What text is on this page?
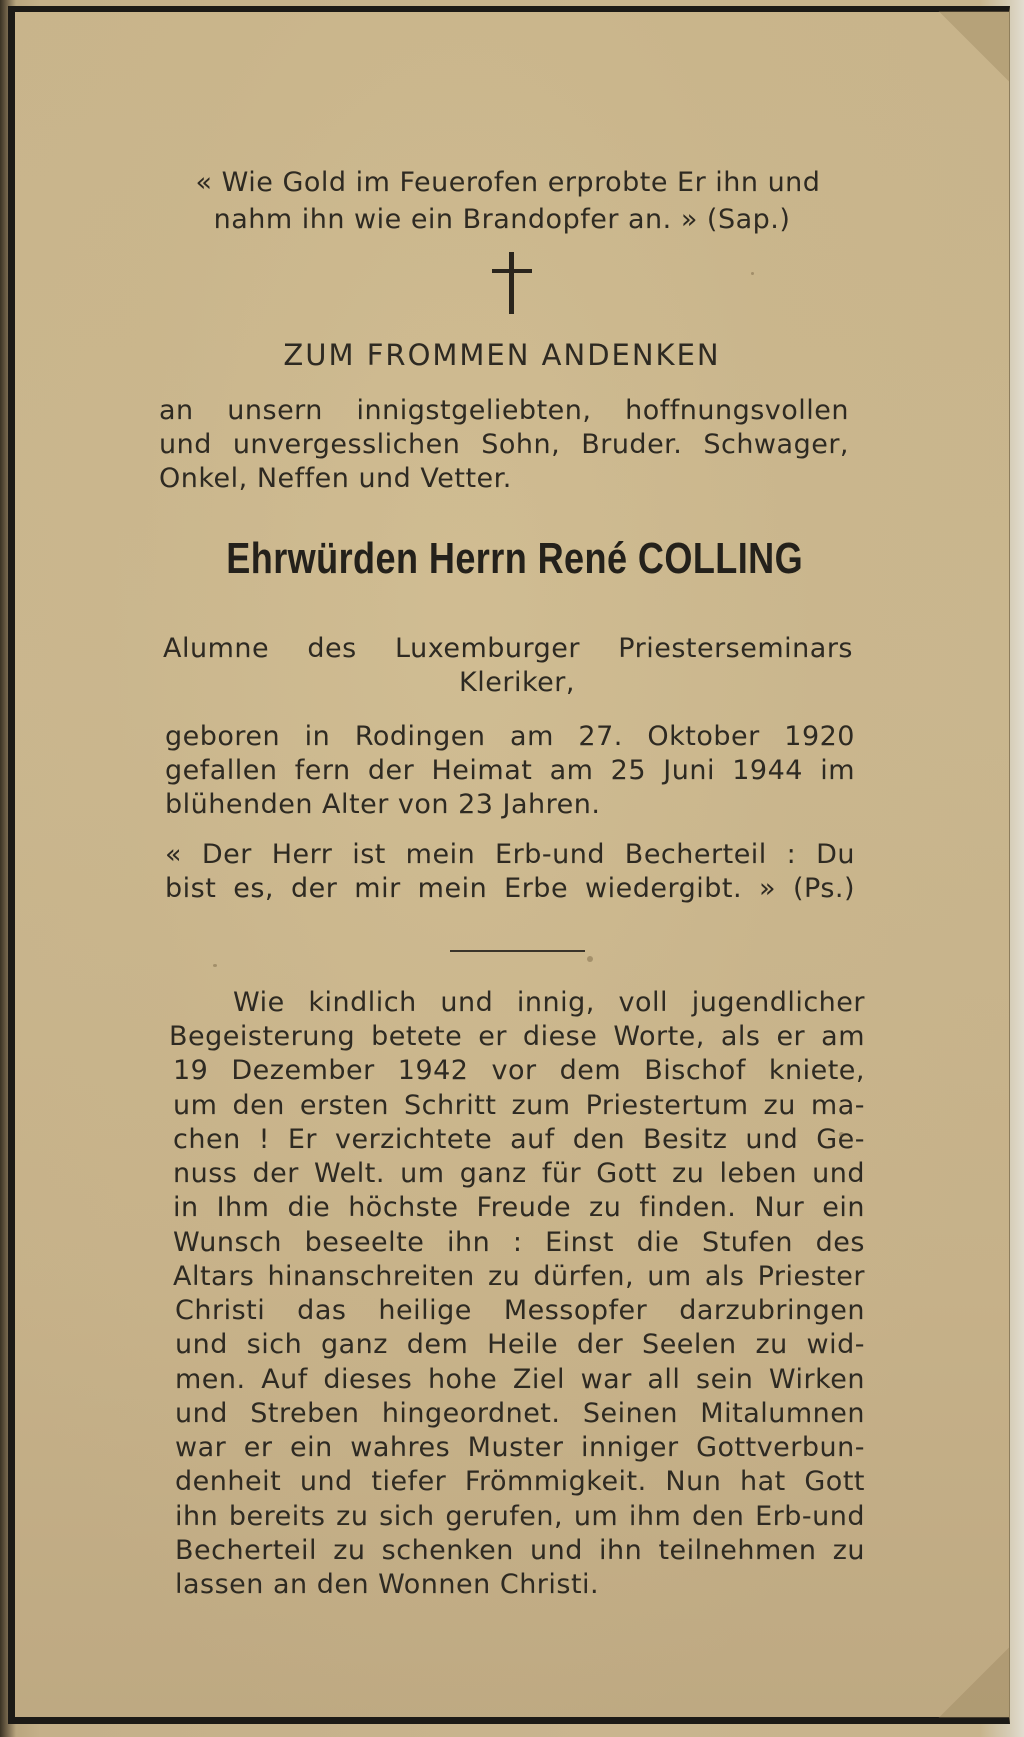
« Wie Gold im Feuerofen erprobte Er ihn und
nahm ihn wie ein Brandopfer an. » (Sap.)
ZUM FROMMEN ANDENKEN
an unsern innigstgeliebten, hoffnungsvollen
und unvergesslichen Sohn, Bruder. Schwager,
Onkel, Neffen und Vetter.
Ehrwürden Herrn René COLLING
Alumne des Luxemburger Priesterseminars
Kleriker,
geboren in Rodingen am 27. Oktober 1920
gefallen fern der Heimat am 25 Juni 1944 im
blühenden Alter von 23 Jahren.
« Der Herr ist mein Erb-und Becherteil : Du
bist es, der mir mein Erbe wiedergibt. » (Ps.)
Wie kindlich und innig, voll jugendlicher
Begeisterung betete er diese Worte, als er am
19 Dezember 1942 vor dem Bischof kniete,
um den ersten Schritt zum Priestertum zu ma-
chen ! Er verzichtete auf den Besitz und Ge-
nuss der Welt. um ganz für Gott zu leben und
in Ihm die höchste Freude zu finden. Nur ein
Wunsch beseelte ihn : Einst die Stufen des
Altars hinanschreiten zu dürfen, um als Priester
Christi das heilige Messopfer darzubringen
und sich ganz dem Heile der Seelen zu wid-
men. Auf dieses hohe Ziel war all sein Wirken
und Streben hingeordnet. Seinen Mitalumnen
war er ein wahres Muster inniger Gottverbun-
denheit und tiefer Frömmigkeit. Nun hat Gott
ihn bereits zu sich gerufen, um ihm den Erb-und
Becherteil zu schenken und ihn teilnehmen zu
lassen an den Wonnen Christi.
